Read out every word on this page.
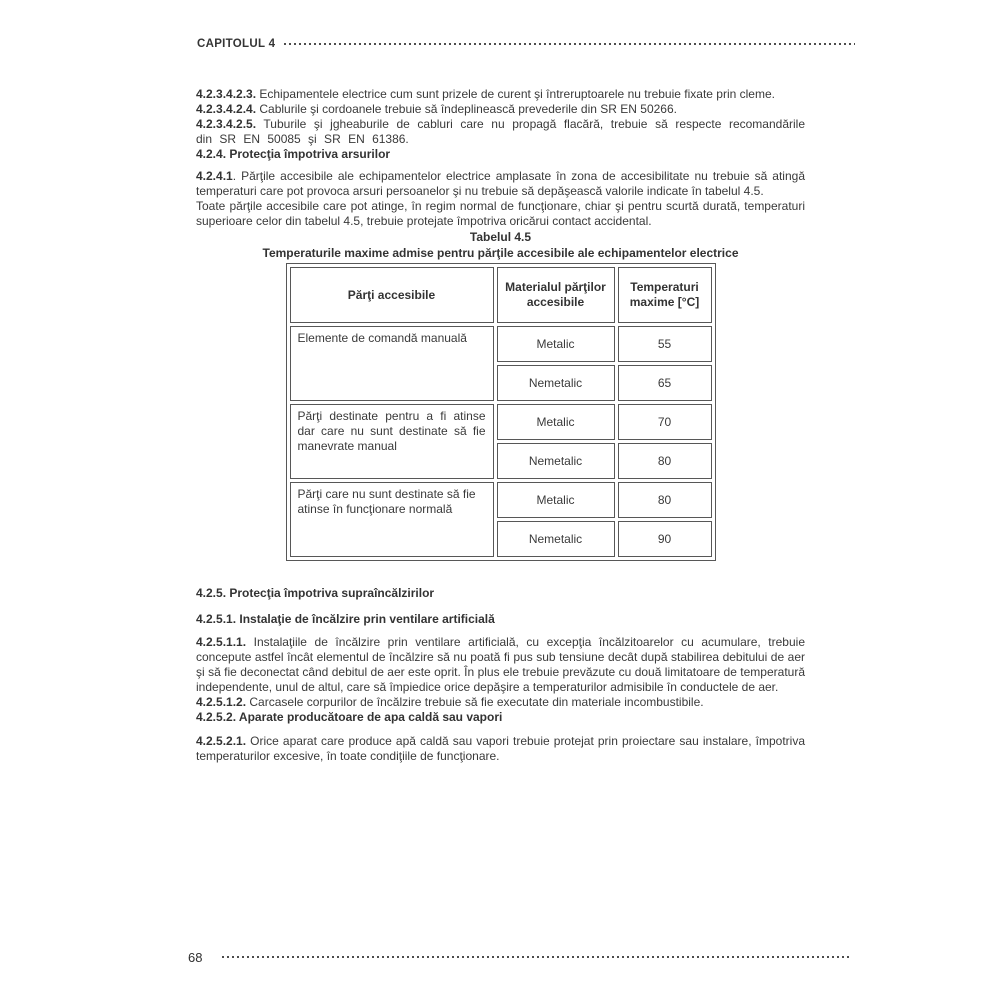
CAPITOLUL 4

4.2.3.4.2.3. Echipamentele electrice cum sunt prizele de curent şi întreruptoarele nu trebuie fixate prin cleme.

4.2.3.4.2.4. Cablurile şi cordoanele trebuie să îndeplinească prevederile din SR EN 50266.

4.2.3.4.2.5. Tuburile şi jgheaburile de cabluri care nu propagă flacără, trebuie să respecte recomandările din SR EN 50085 şi SR EN 61386.

4.2.4. Protecţia împotriva arsurilor

4.2.4.1. Părţile accesibile ale echipamentelor electrice amplasate în zona de accesibilitate nu trebuie să atingă temperaturi care pot provoca arsuri persoanelor şi nu trebuie să depăşească valorile indicate în tabelul 4.5.

Toate părţile accesibile care pot atinge, în regim normal de funcţionare, chiar şi pentru scurtă durată, temperaturi superioare celor din tabelul 4.5, trebuie protejate împotriva oricărui contact accidental.

Tabelul 4.5
Temperaturile maxime admise pentru părţile accesibile ale echipamentelor electrice
Părţi accesibile	Materialul părţilor accesibile	Temperaturi maxime [°C]
Elemente de comandă manuală	Metalic	55
	Nemetalic	65
Părţi destinate pentru a fi atinse dar care nu sunt destinate să fie manevrate manual	Metalic	70
	Nemetalic	80
Părţi care nu sunt destinate să fie atinse în funcţionare normală	Metalic	80
	Nemetalic	90
4.2.5. Protecţia împotriva supraîncălzirilor
4.2.5.1. Instalaţie de încălzire prin ventilare artificială

4.2.5.1.1. Instalaţiile de încălzire prin ventilare artificială, cu excepţia încălzitoarelor cu acumulare, trebuie concepute astfel încât elementul de încălzire să nu poată fi pus sub tensiune decât după stabilirea debitului de aer şi să fie deconectat când debitul de aer este oprit. În plus ele trebuie prevăzute cu două limitatoare de temperatură independente, unul de altul, care să împiedice orice depăşire a temperaturilor admisibile în conductele de aer.

4.2.5.1.2. Carcasele corpurilor de încălzire trebuie să fie executate din materiale incombustibile.

4.2.5.2. Aparate producătoare de apa caldă sau vapori

4.2.5.2.1. Orice aparat care produce apă caldă sau vapori trebuie protejat prin proiectare sau instalare, împotriva temperaturilor excesive, în toate condiţiile de funcţionare.

68
